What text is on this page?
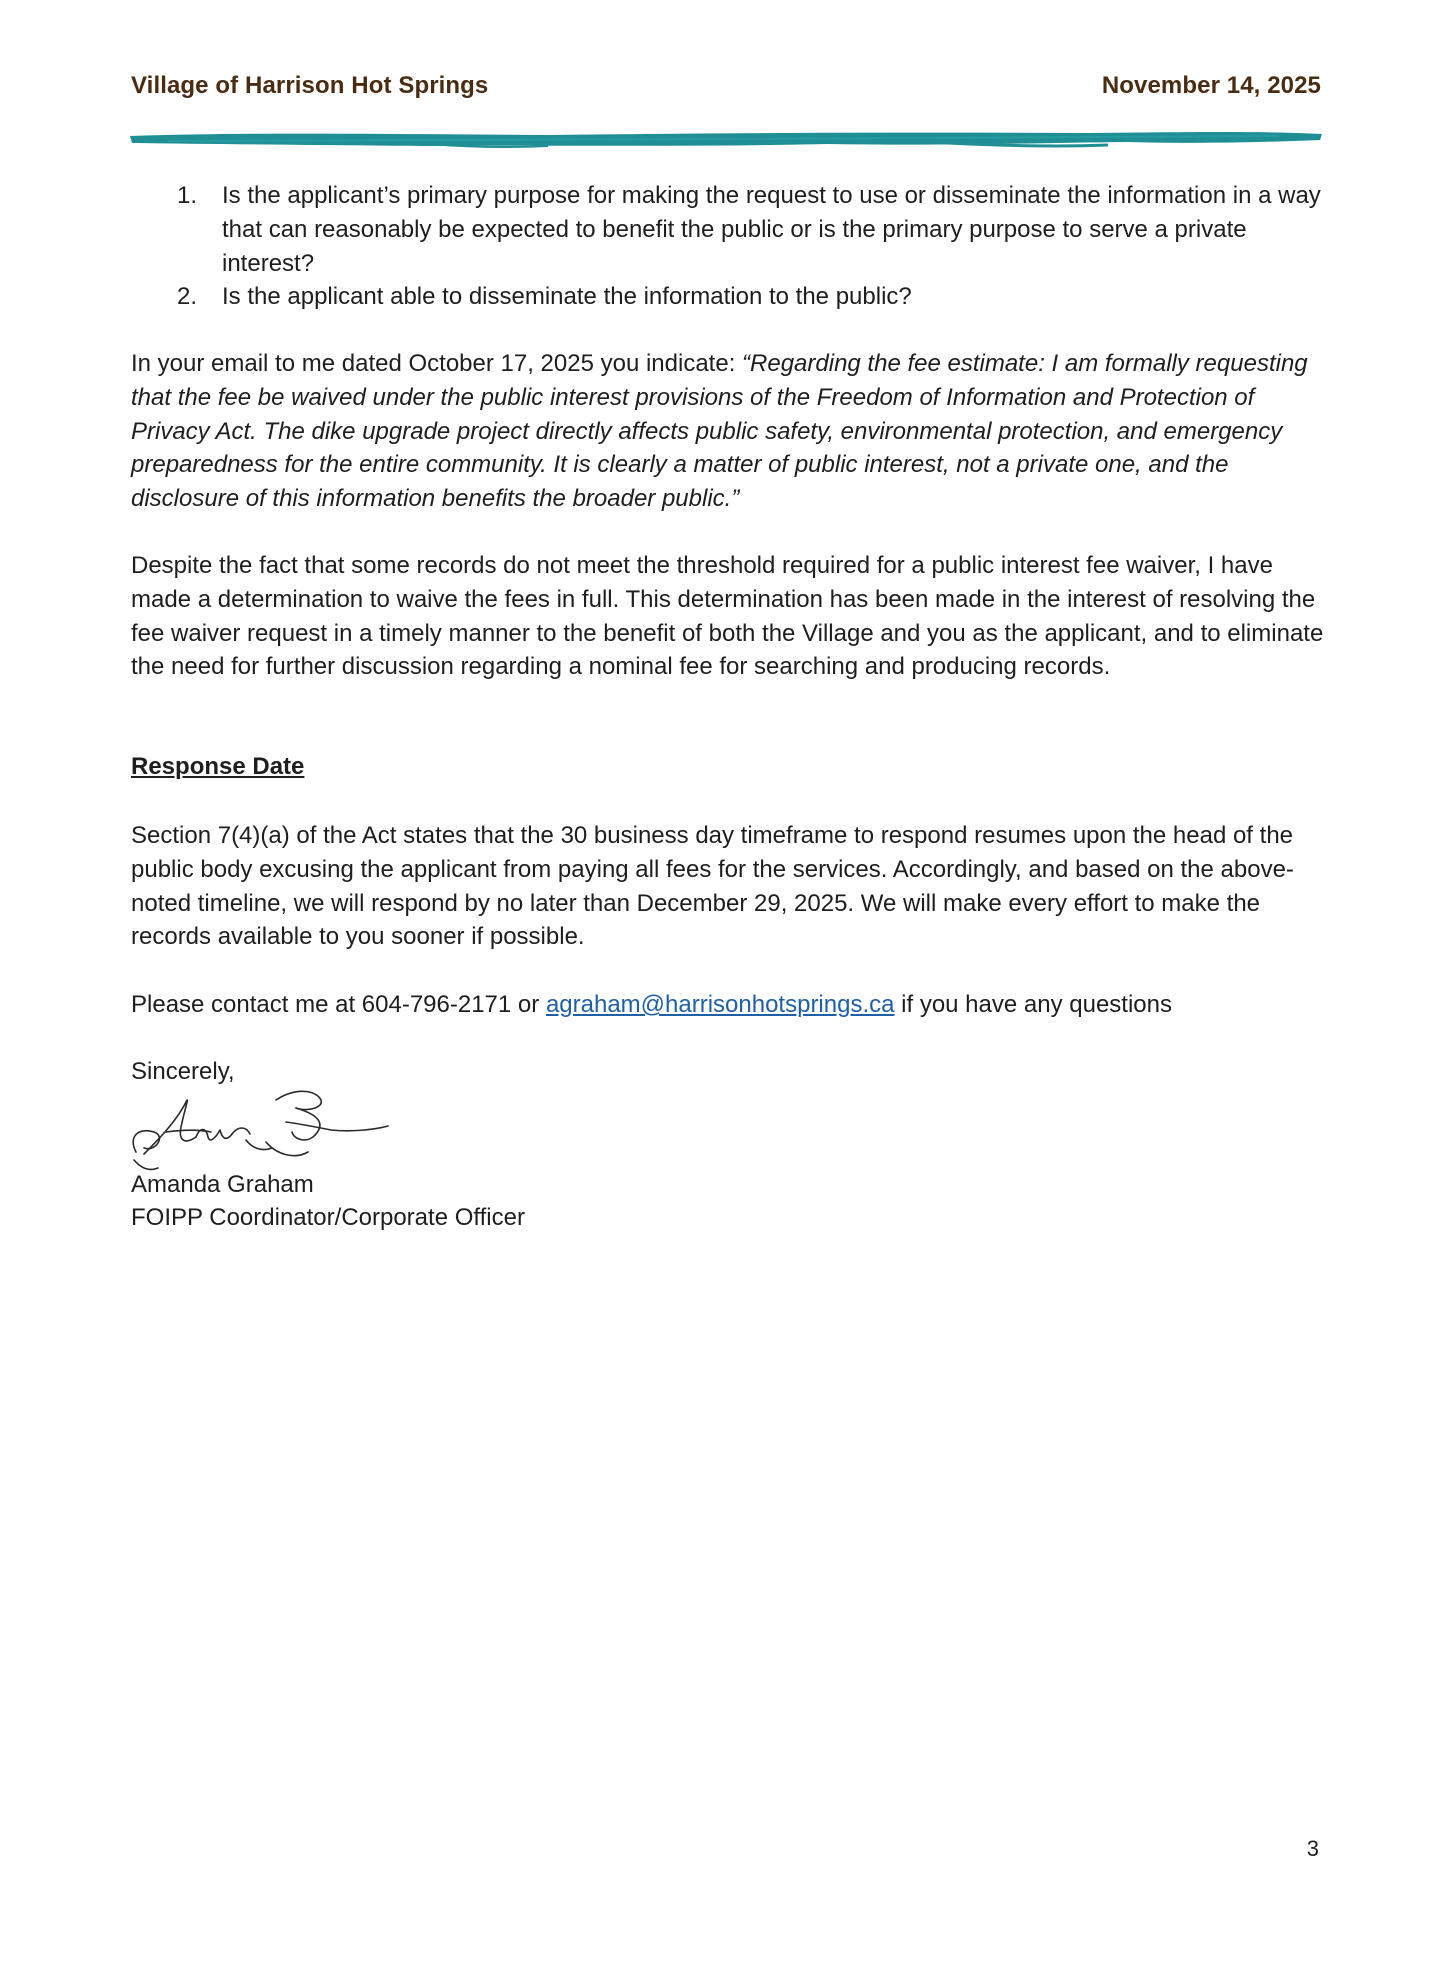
Village of Harrison Hot Springs	November 14, 2025
1. Is the applicant’s primary purpose for making the request to use or disseminate the information in a way that can reasonably be expected to benefit the public or is the primary purpose to serve a private interest?
2. Is the applicant able to disseminate the information to the public?

In your email to me dated October 17, 2025 you indicate: “Regarding the fee estimate: I am formally requesting that the fee be waived under the public interest provisions of the Freedom of Information and Protection of Privacy Act. The dike upgrade project directly affects public safety, environmental protection, and emergency preparedness for the entire community. It is clearly a matter of public interest, not a private one, and the disclosure of this information benefits the broader public.”

Despite the fact that some records do not meet the threshold required for a public interest fee waiver, I have made a determination to waive the fees in full. This determination has been made in the interest of resolving the fee waiver request in a timely manner to the benefit of both the Village and you as the applicant, and to eliminate the need for further discussion regarding a nominal fee for searching and producing records.

Response Date

Section 7(4)(a) of the Act states that the 30 business day timeframe to respond resumes upon the head of the public body excusing the applicant from paying all fees for the services. Accordingly, and based on the above-noted timeline, we will respond by no later than December 29, 2025. We will make every effort to make the records available to you sooner if possible.

Please contact me at 604-796-2171 or agraham@harrisonhotsprings.ca if you have any questions

Sincerely,
Amanda Graham
FOIPP Coordinator/Corporate Officer
3
